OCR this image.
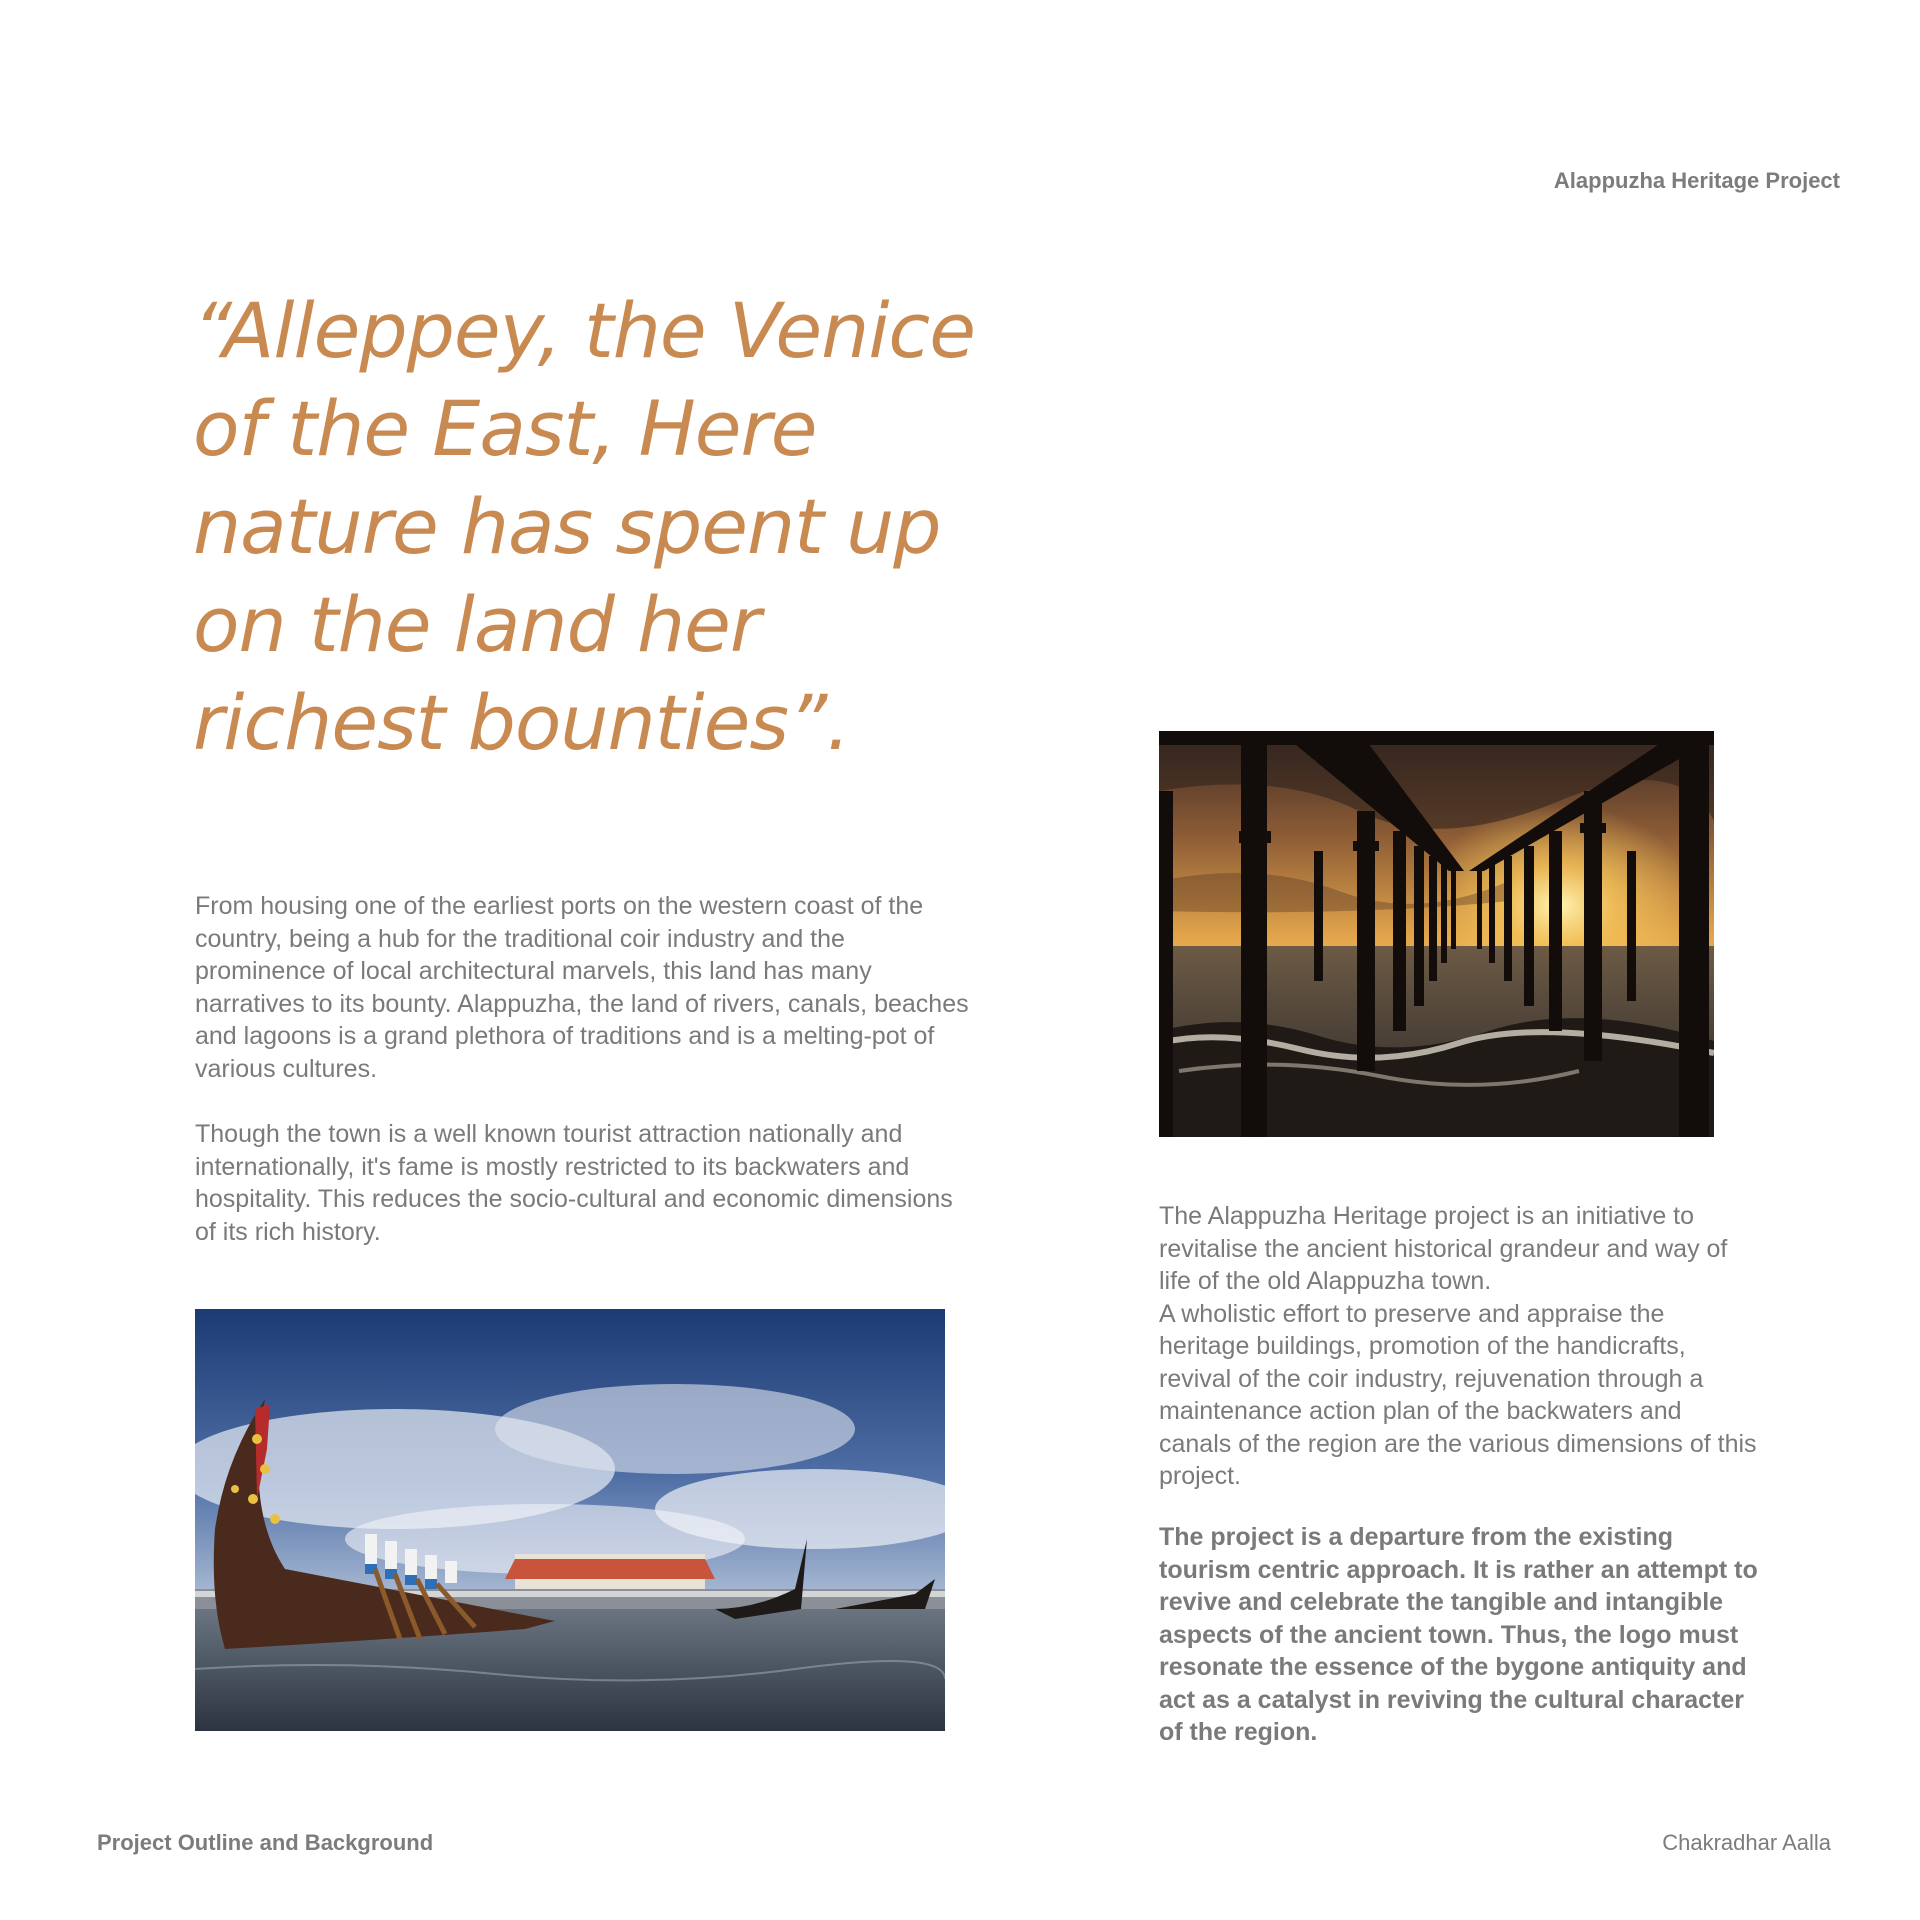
Alappuzha Heritage Project

“Alleppey, the Venice of the East, Here nature has spent up on the land her richest bounties”.

From housing one of the earliest ports on the western coast of the country, being a hub for the traditional coir industry and the prominence of local architectural marvels, this land has many narratives to its bounty. Alappuzha, the land of rivers, canals, beaches and lagoons is a grand plethora of traditions and is a melting-pot of various cultures.

Though the town is a well known tourist attraction nationally and internationally, it's fame is mostly restricted to its backwaters and hospitality. This reduces the socio-cultural and economic dimensions of its rich history.

The Alappuzha Heritage project is an initiative to revitalise the ancient historical grandeur and way of life of the old Alappuzha town.
A wholistic effort to preserve and appraise the heritage buildings, promotion of the handicrafts, revival of the coir industry, rejuvenation through a maintenance action plan of the backwaters and canals of the region are the various dimensions of this project.

The project is a departure from the existing tourism centric approach. It is rather an attempt to revive and celebrate the tangible and intangible aspects of the ancient town. Thus, the logo must resonate the essence of the bygone antiquity and act as a catalyst in reviving the cultural character of the region.

Project Outline and Background	Chakradhar Aalla
